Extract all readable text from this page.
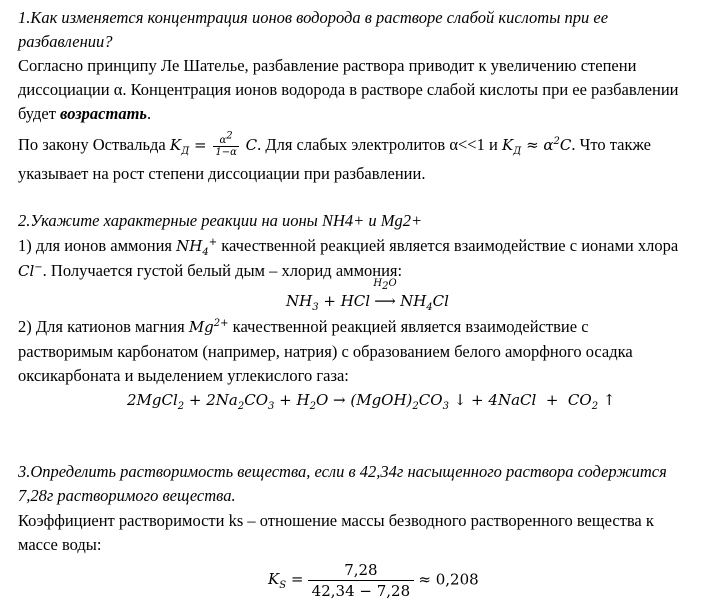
1.Как изменяется концентрация ионов водорода в растворе слабой кислоты при ее
разбавлении?
Согласно принципу Ле Шателье, разбавление раствора приводит к увеличению степени
диссоциации α. Концентрация ионов водорода в растворе слабой кислоты при ее разбавлении
будет возрастать.
По закону Оствальда $K_Д = \frac{\alpha^2}{1-\alpha} C$. Для слабых электролитов α<<1 и $K_Д \approx \alpha^2C$. Что также
указывает на рост степени диссоциации при разбавлении.
2.Укажите характерные реакции на ионы NH4+ и Mg2+
1) для ионов аммония $NH_4^+$ качественной реакцией является взаимодействие с ионами хлора
Cl−. Получается густой белый дым – хлорид аммония:
$NH_3$ + HCl
$H_2O$
⟶ $NH_4Cl$
2) Для катионов магния $Mg^{2+}$ качественной реакцией является взаимодействие с
растворимым карбонатом (например, натрия) с образованием белого аморфного осадка
оксикарбоната и выделением углекислого газа:
2MgCl$_2$ + $2Na_2CO_3 + H_2O$ → $(MgOH)_2CO_3$ ↓ + 4NaCl  +  $CO_2$ ↑
3.Определить растворимость вещества, если в 42,34г насыщенного раствора содержится
7,28г растворимого вещества.
Коэффициент растворимости ks – отношение массы безводного растворенного вещества к
массе воды:
$K_S = \frac{7,28}{42,34 - 7,28} \approx 0,208$
